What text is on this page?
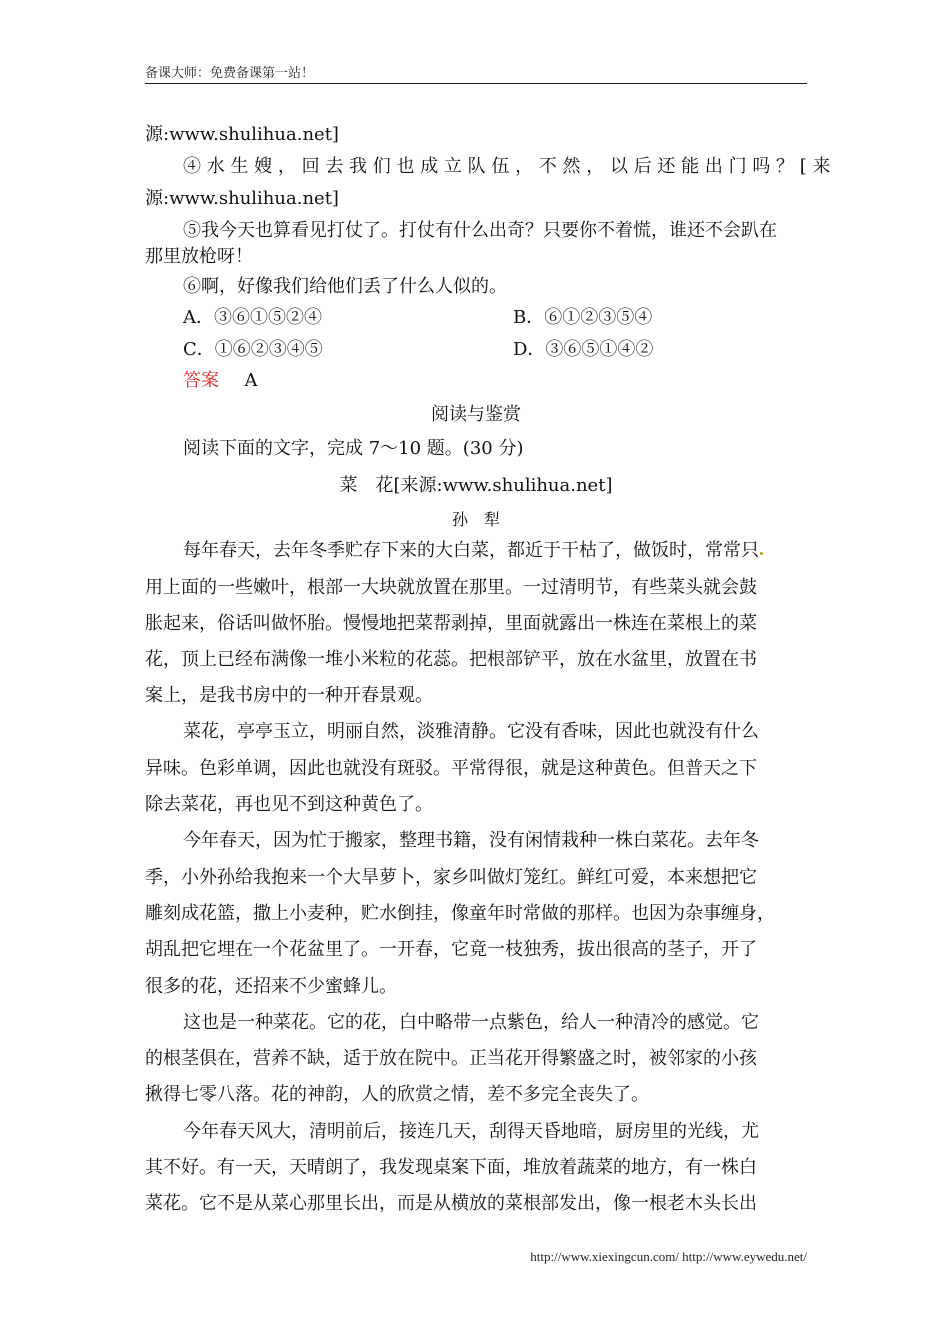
备课大师：免费备课第一站！
源:www.shulihua.net]
④ 水 生 嫂 ， 回 去 我 们 也 成 立 队 伍 ， 不 然 ， 以 后 还 能 出 门 吗 ？ [ 来
源:www.shulihua.net]
⑤我今天也算看见打仗了。打仗有什么出奇？只要你不着慌，谁还不会趴在
那里放枪呀！
⑥啊，好像我们给他们丢了什么人似的。
A．③⑥①⑤②④	B．⑥①②③⑤④
C．①⑥②③④⑤	D．③⑥⑤①④②
答案 A
阅读与鉴赏
阅读下面的文字，完成 7～10 题。(30 分)
菜　花[来源:www.shulihua.net]
孙　犁
每年春天，去年冬季贮存下来的大白菜，都近于干枯了，做饭时，常常只
用上面的一些嫩叶，根部一大块就放置在那里。一过清明节，有些菜头就会鼓
胀起来，俗话叫做怀胎。慢慢地把菜帮剥掉，里面就露出一株连在菜根上的菜
花，顶上已经布满像一堆小米粒的花蕊。把根部铲平，放在水盆里，放置在书
案上，是我书房中的一种开春景观。
菜花，亭亭玉立，明丽自然，淡雅清静。它没有香味，因此也就没有什么
异味。色彩单调，因此也就没有斑驳。平常得很，就是这种黄色。但普天之下
除去菜花，再也见不到这种黄色了。
今年春天，因为忙于搬家，整理书籍，没有闲情栽种一株白菜花。去年冬
季，小外孙给我抱来一个大旱萝卜，家乡叫做灯笼红。鲜红可爱，本来想把它
雕刻成花篮，撒上小麦种，贮水倒挂，像童年时常做的那样。也因为杂事缠身，
胡乱把它埋在一个花盆里了。一开春，它竟一枝独秀，拔出很高的茎子，开了
很多的花，还招来不少蜜蜂儿。
这也是一种菜花。它的花，白中略带一点紫色，给人一种清冷的感觉。它
的根茎俱在，营养不缺，适于放在院中。正当花开得繁盛之时，被邻家的小孩
揪得七零八落。花的神韵，人的欣赏之情，差不多完全丧失了。
今年春天风大，清明前后，接连几天，刮得天昏地暗，厨房里的光线，尤
其不好。有一天，天晴朗了，我发现桌案下面，堆放着蔬菜的地方，有一株白
菜花。它不是从菜心那里长出，而是从横放的菜根部发出，像一根老木头长出
http://www.xiexingcun.com/ http://www.eywedu.net/
